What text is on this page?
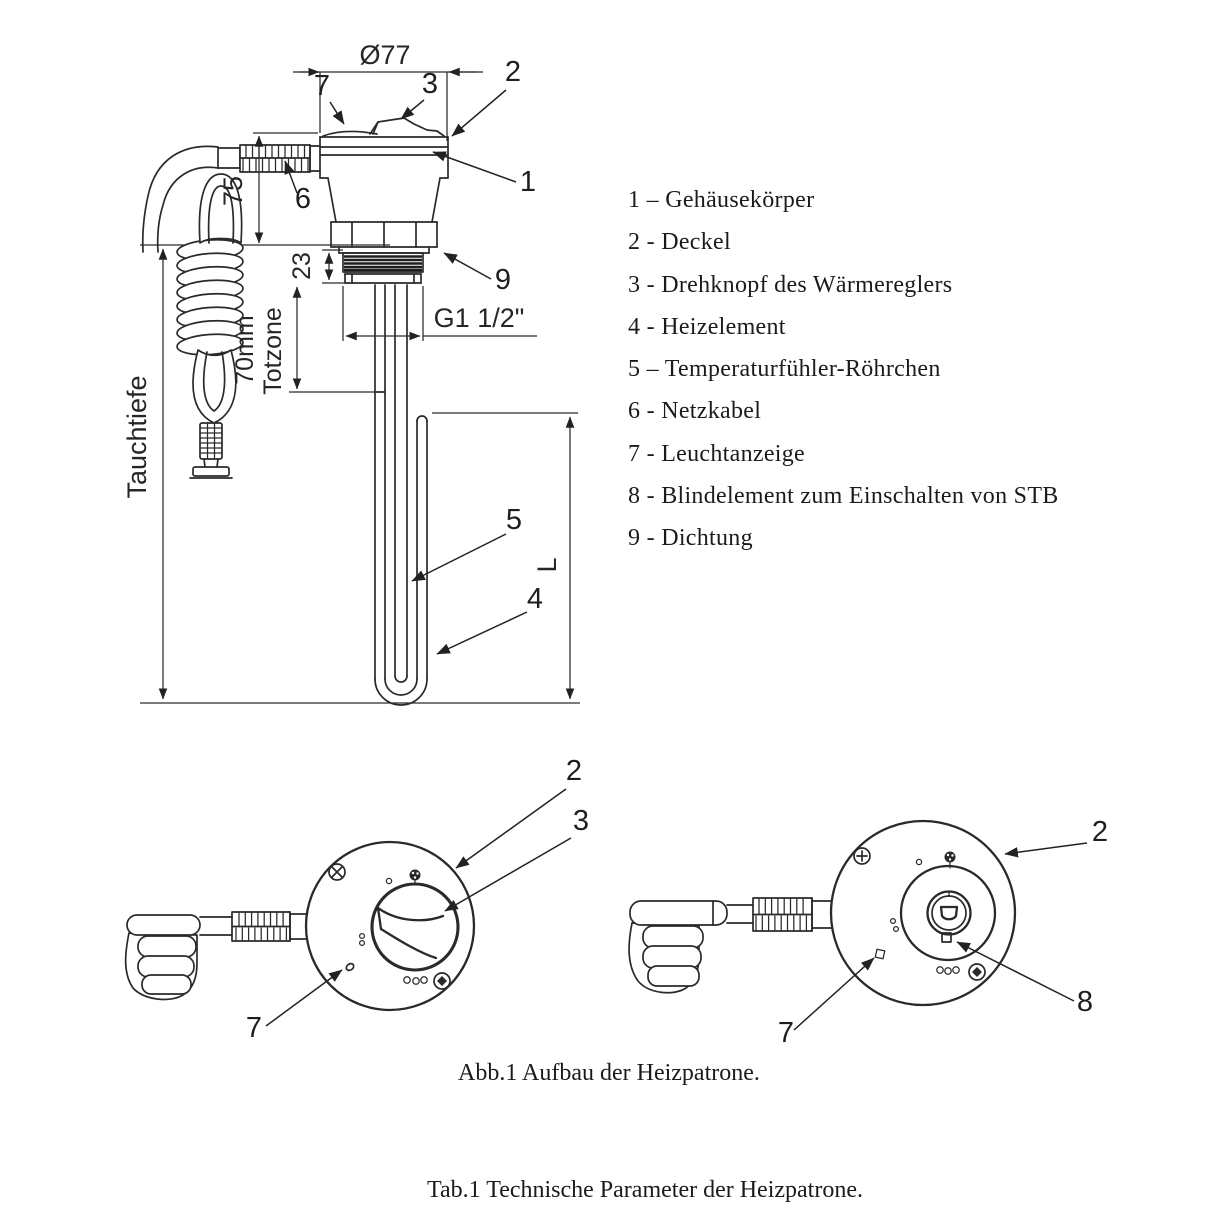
Ø77
75
23
70mm Totzone	G1 1/2"
L
Tauchtiefe
7	3 2
6
1
9
5
4
2
3
7
2
7
8
1 – Gehäusekörper
2 - Deckel
3 - Drehknopf des Wärmereglers
4 - Heizelement
5 – Temperaturfühler-Röhrchen
6 - Netzkabel
7 - Leuchtanzeige
8 - Blindelement zum Einschalten von STB
9 - Dichtung
Abb.1 Aufbau der Heizpatrone.
Tab.1 Technische Parameter der Heizpatrone.
